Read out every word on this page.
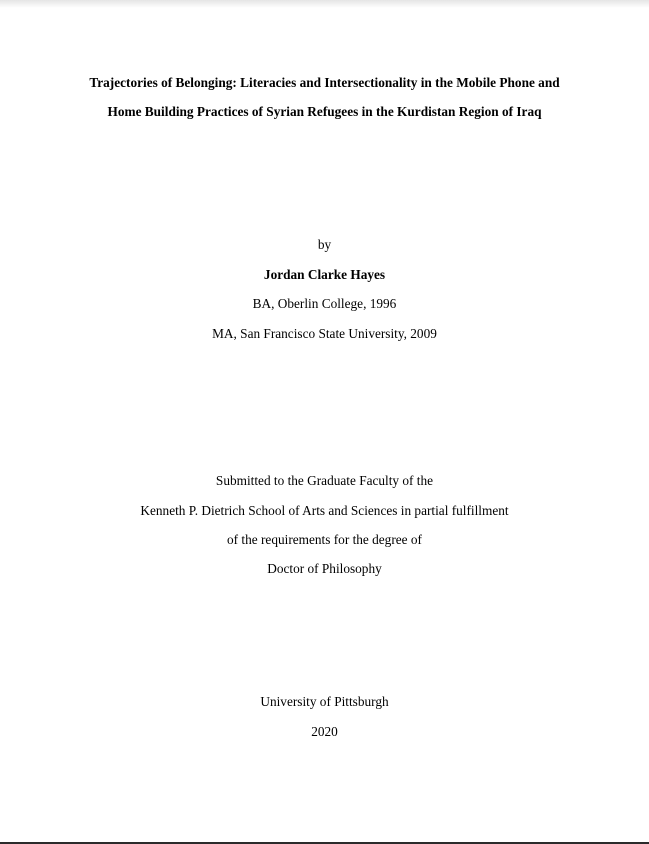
Trajectories of Belonging: Literacies and Intersectionality in the Mobile Phone and
Home Building Practices of Syrian Refugees in the Kurdistan Region of Iraq
by
Jordan Clarke Hayes
BA, Oberlin College, 1996
MA, San Francisco State University, 2009
Submitted to the Graduate Faculty of the
Kenneth P. Dietrich School of Arts and Sciences in partial fulfillment
of the requirements for the degree of
Doctor of Philosophy
University of Pittsburgh
2020
